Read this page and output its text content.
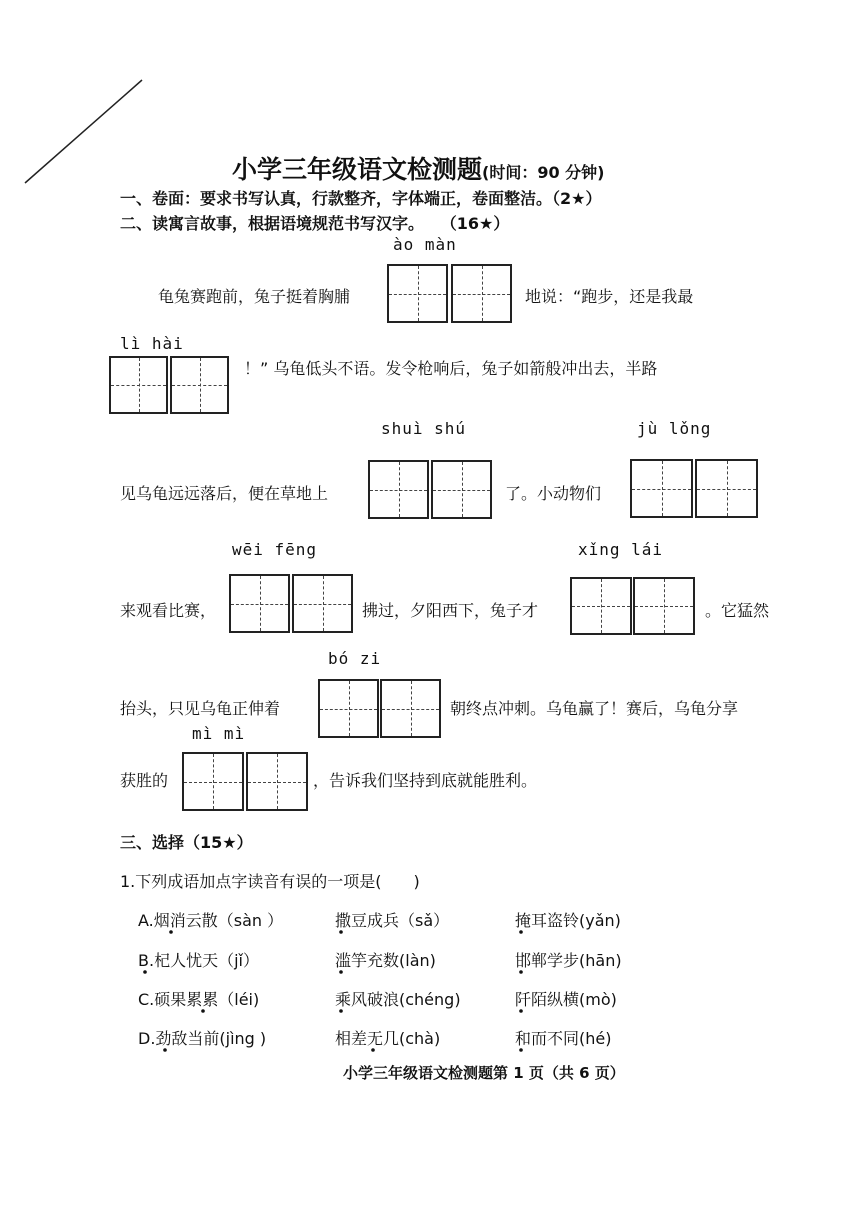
小学三年级语文检测题(时间：90 分钟)
一、卷面：要求书写认真，行款整齐，字体端正，卷面整洁。（2★）
二、读寓言故事，根据语境规范书写汉字。 （16★）
ào màn
龟兔赛跑前，兔子挺着胸脯	地说：“跑步，还是我最
lì hài
！” 乌龟低头不语。发令枪响后，兔子如箭般冲出去，半路
shuì shú	jù lǒng
见乌龟远远落后，便在草地上	了。小动物们
wēi fēng	xǐng lái
来观看比赛，	拂过，夕阳西下，兔子才	。它猛然
bó zi
抬头，只见乌龟正伸着	朝终点冲刺。乌龟赢了！赛后，乌龟分享
mì mì
获胜的	，告诉我们坚持到底就能胜利。
三、选择（15★）
1.下列成语加点字读音有误的一项是(　　)
A.烟消云散（sàn ）	撒豆成兵（sǎ）	掩耳盗铃(yǎn)
B.杞人忧天（jǐ）	滥竽充数(làn)	邯郸学步(hān)
C.硕果累累（léi)	乘风破浪(chéng)	阡陌纵横(mò)
D.劲敌当前(jìng )	相差无几(chà)	和而不同(hé)
小学三年级语文检测题第 1 页（共 6 页）
